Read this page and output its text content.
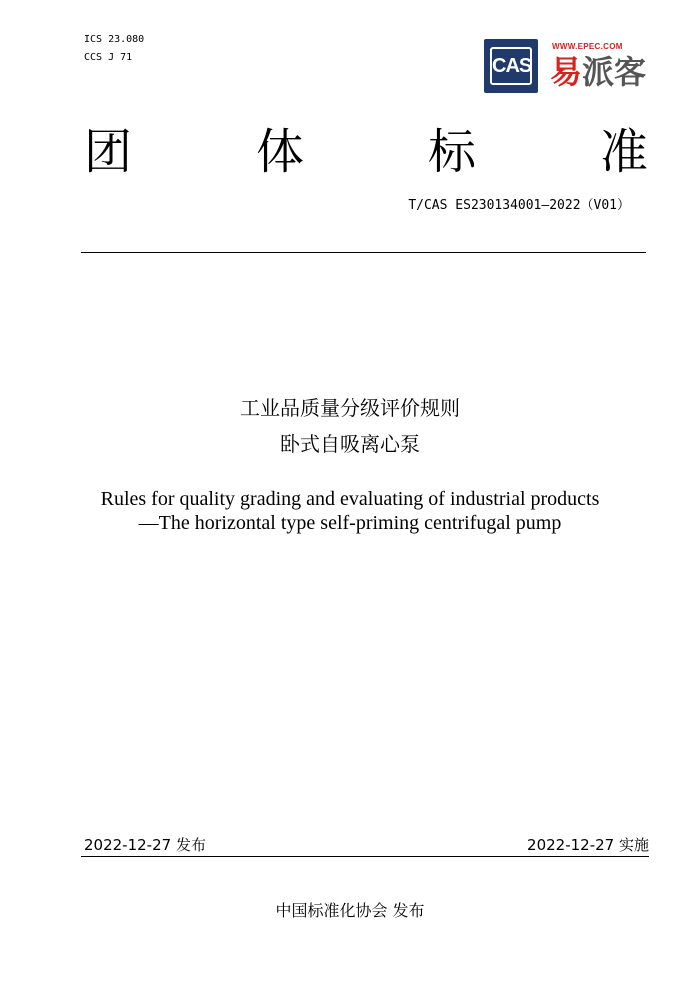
ICS 23.080
CCS J 71	CAS
WWW.EPEC.COM
易派客
团	体	标	准
T/CAS ES230134001—2022（V01）
工业品质量分级评价规则
卧式自吸离心泵
Rules for quality grading and evaluating of industrial products—The horizontal type self-priming centrifugal pump
2022-12-27 发布	2022-12-27 实施
中国标准化协会 发布
